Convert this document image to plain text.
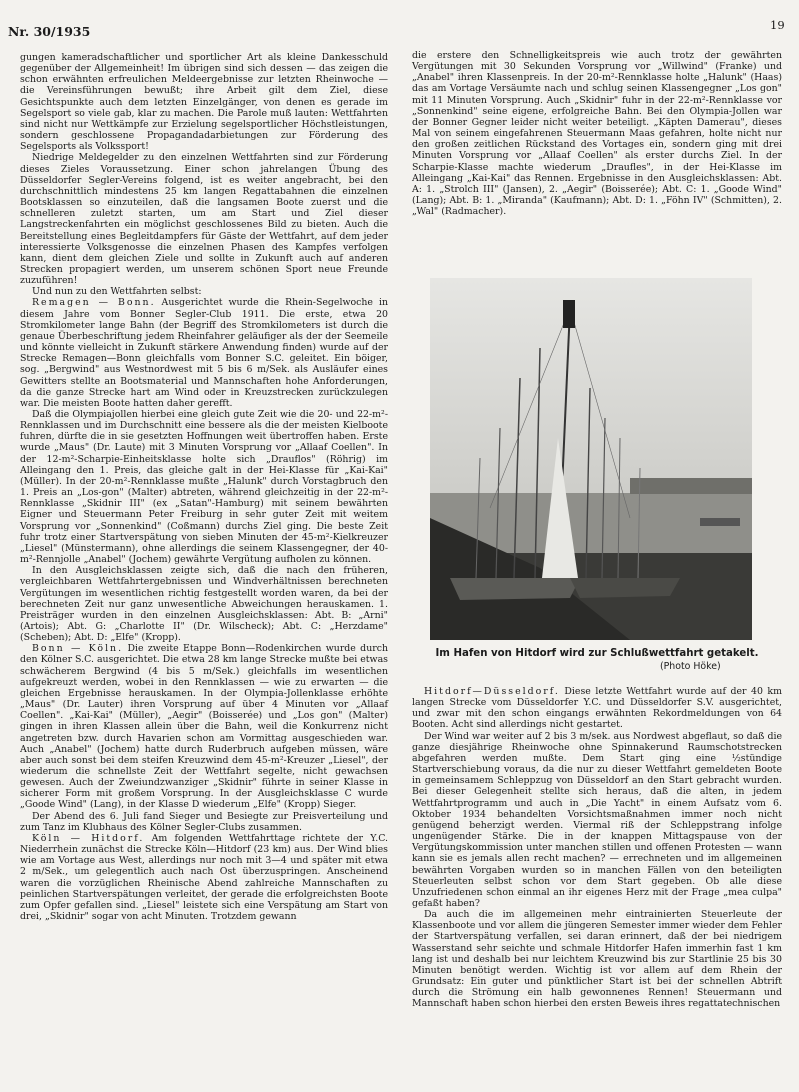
Nr. 30/1935	19

gungen kameradschaftlicher und sportlicher Art als kleine Dankesschuld gegenüber der Allgemeinheit! Im übrigen sind sich dessen — das zeigen die schon erwähnten erfreulichen Meldeergebnisse zur letzten Rheinwoche — die Vereinsführungen bewußt; ihre Arbeit gilt dem Ziel, diese Gesichtspunkte auch dem letzten Einzelgänger, von denen es gerade im Segelsport so viele gab, klar zu machen. Die Parole muß lauten: Wettfahrten sind nicht nur Wettkämpfe zur Erzielung segelsportlicher Höchstleistungen, sondern geschlossene Propagandadarbietungen zur Förderung des Segelsports als Volkssport!

Niedrige Meldegelder zu den einzelnen Wettfahrten sind zur Förderung dieses Zieles Voraussetzung. Einer schon jahrelangen Übung des Düsseldorfer Segler-Vereins folgend, ist es weiter angebracht, bei den durchschnittlich mindestens 25 km langen Regattabahnen die einzelnen Bootsklassen so einzuteilen, daß die langsamen Boote zuerst und die schnelleren zuletzt starten, um am Start und Ziel dieser Langstreckenfahrten ein möglichst geschlossenes Bild zu bieten. Auch die Bereitstellung eines Begleitdampfers für Gäste der Wettfahrt, auf dem jeder interessierte Volksgenosse die einzelnen Phasen des Kampfes verfolgen kann, dient dem gleichen Ziele und sollte in Zukunft auch auf anderen Strecken propagiert werden, um unserem schönen Sport neue Freunde zuzuführen!

Und nun zu den Wettfahrten selbst:

Remagen — Bonn. Ausgerichtet wurde die Rhein-Segelwoche in diesem Jahre vom Bonner Segler-Club 1911. Die erste, etwa 20 Stromkilometer lange Bahn (der Begriff des Stromkilometers ist durch die genaue Überbeschriftung jedem Rheinfahrer geläufiger als der der Seemeile und könnte vielleicht in Zukunft stärkere Anwendung finden) wurde auf der Strecke Remagen—Bonn gleichfalls vom Bonner S.C. geleitet. Ein böiger, sog. „Bergwind" aus Westnordwest mit 5 bis 6 m/Sek. als Ausläufer eines Gewitters stellte an Bootsmaterial und Mannschaften hohe Anforderungen, da die ganze Strecke hart am Wind oder in Kreuzstrecken zurückzulegen war. Die meisten Boote hatten daher gerefft.

Daß die Olympiajollen hierbei eine gleich gute Zeit wie die 20- und 22-m²-Rennklassen und im Durchschnitt eine bessere als die der meisten Kielboote fuhren, dürfte die in sie gesetzten Hoffnungen weit übertroffen haben. Erste wurde „Maus" (Dr. Laute) mit 3 Minuten Vorsprung vor „Allaaf Coellen". In der 12-m²-Scharpie-Einheitsklasse holte sich „Drauflos" (Röhrig) im Alleingang den 1. Preis, das gleiche galt in der Hei-Klasse für „Kai-Kai" (Müller). In der 20-m²-Rennklasse mußte „Halunk" durch Vorstagbruch den 1. Preis an „Los-gon" (Malter) abtreten, während gleichzeitig in der 22-m²-Rennklasse „Skidnir III" (ex „Satan"-Hamburg) mit seinem bewährten Eigner und Steuermann Peter Freiburg in sehr guter Zeit mit weitem Vorsprung vor „Sonnenkind" (Coßmann) durchs Ziel ging. Die beste Zeit fuhr trotz einer Startverspätung von sieben Minuten der 45-m²-Kielkreuzer „Liesel" (Münstermann), ohne allerdings die seinem Klassengegner, der 40-m²-Rennjolle „Anabel" (Jochem) gewährte Vergütung aufholen zu können.

In den Ausgleichsklassen zeigte sich, daß die nach den früheren, vergleichbaren Wettfahrtergebnissen und Windverhältnissen berechneten Vergütungen im wesentlichen richtig festgestellt worden waren, da bei der berechneten Zeit nur ganz unwesentliche Abweichungen herauskamen. 1. Preisträger wurden in den einzelnen Ausgleichsklassen: Abt. B: „Arni" (Artois); Abt. G: „Charlotte II" (Dr. Wilscheck); Abt. C: „Herzdame" (Scheben); Abt. D: „Elfe" (Kropp).

Bonn — Köln. Die zweite Etappe Bonn—Rodenkirchen wurde durch den Kölner S.C. ausgerichtet. Die etwa 28 km lange Strecke mußte bei etwas schwächerem Bergwind (4 bis 5 m/Sek.) gleichfalls im wesentlichen aufgekreuzt werden, wobei in den Rennklassen — wie zu erwarten — die gleichen Ergebnisse herauskamen. In der Olympia-Jollenklasse erhöhte „Maus" (Dr. Lauter) ihren Vorsprung auf über 4 Minuten vor „Allaaf Coellen". „Kai-Kai" (Müller), „Aegir" (Boisserée) und „Los gon" (Malter) gingen in ihren Klassen allein über die Bahn, weil die Konkurrenz nicht angetreten bzw. durch Havarien schon am Vormittag ausgeschieden war. Auch „Anabel" (Jochem) hatte durch Ruderbruch aufgeben müssen, wäre aber auch sonst bei dem steifen Kreuzwind dem 45-m²-Kreuzer „Liesel", der wiederum die schnellste Zeit der Wettfahrt segelte, nicht gewachsen gewesen. Auch der Zweiundzwanziger „Skidnir" führte in seiner Klasse in sicherer Form mit großem Vorsprung. In der Ausgleichsklasse C wurde „Goode Wind" (Lang), in der Klasse D wiederum „Elfe" (Kropp) Sieger.

Der Abend des 6. Juli fand Sieger und Besiegte zur Preisverteilung und zum Tanz im Klubhaus des Kölner Segler-Clubs zusammen.

Köln — Hitdorf. Am folgenden Wettfahrttage richtete der Y.C. Niederrhein zunächst die Strecke Köln—Hitdorf (23 km) aus. Der Wind blies wie am Vortage aus West, allerdings nur noch mit 3—4 und später mit etwa 2 m/Sek., um gelegentlich auch nach Ost überzuspringen. Anscheinend waren die vorzüglichen Rheinische Abend zahlreiche Mannschaften zu peinlichen Startverspätungen verleitet, der gerade die erfolgreichsten Boote zum Opfer gefallen sind. „Liesel" leistete sich eine Verspätung am Start von drei, „Skidnir" sogar von acht Minuten. Trotzdem gewann

die erstere den Schnelligkeitspreis wie auch trotz der gewährten Vergütungen mit 30 Sekunden Vorsprung vor „Willwind" (Franke) und „Anabel" ihren Klassenpreis. In der 20-m²-Rennklasse holte „Halunk" (Haas) das am Vortage Versäumte nach und schlug seinen Klassengegner „Los gon" mit 11 Minuten Vorsprung. Auch „Skidnir" fuhr in der 22-m²-Rennklasse vor „Sonnenkind" seine eigene, erfolgreiche Bahn. Bei den Olympia-Jollen war der Bonner Gegner leider nicht weiter beteiligt. „Käpten Damerau", dieses Mal von seinem eingefahrenen Steuermann Maas gefahren, holte nicht nur den großen zeitlichen Rückstand des Vortages ein, sondern ging mit drei Minuten Vorsprung vor „Allaaf Coellen" als erster durchs Ziel. In der Scharpie-Klasse machte wiederum „Draufles", in der Hei-Klasse im Alleingang „Kai-Kai" das Rennen. Ergebnisse in den Ausgleichsklassen: Abt. A: 1. „Strolch III" (Jansen), 2. „Aegir" (Boisserée); Abt. C: 1. „Goode Wind" (Lang); Abt. B: 1. „Miranda" (Kaufmann); Abt. D: 1. „Föhn IV" (Schmitten), 2. „Wal" (Radmacher).

Im Hafen von Hitdorf wird zur Schlußwettfahrt getakelt.
(Photo Höke)

Hitdorf—Düsseldorf. Diese letzte Wettfahrt wurde auf der 40 km langen Strecke vom Düsseldorfer Y.C. und Düsseldorfer S.V. ausgerichtet, und zwar mit den schon eingangs erwähnten Rekordmeldungen von 64 Booten. Acht sind allerdings nicht gestartet.

Der Wind war weiter auf 2 bis 3 m/sek. aus Nordwest abgeflaut, so daß die ganze diesjährige Rheinwoche ohne Spinnakerund Raumschotstrecken abgefahren werden mußte. Dem Start ging eine ½stündige Startverschiebung voraus, da die nur zu dieser Wettfahrt gemeldeten Boote in gemeinsamem Schleppzug von Düsseldorf an den Start gebracht wurden. Bei dieser Gelegenheit stellte sich heraus, daß die alten, in jedem Wettfahrtprogramm und auch in „Die Yacht" in einem Aufsatz vom 6. Oktober 1934 behandelten Vorsichtsmaßnahmen immer noch nicht genügend beherzigt werden. Viermal riß der Schleppstrang infolge ungenügender Stärke. Die in der knappen Mittagspause von der Vergütungskommission unter manchen stillen und offenen Protesten — wann kann sie es jemals allen recht machen? — errechneten und im allgemeinen bewährten Vorgaben wurden so in manchen Fällen von den beteiligten Steuerleuten selbst schon vor dem Start gegeben. Ob alle diese Unzufriedenen schon einmal an ihr eigenes Herz mit der Frage „mea culpa" gefaßt haben?

Da auch die im allgemeinen mehr eintrainierten Steuerleute der Klassenboote und vor allem die jüngeren Semester immer wieder dem Fehler der Startverspätung verfallen, sei daran erinnert, daß der bei niedrigem Wasserstand sehr seichte und schmale Hitdorfer Hafen immerhin fast 1 km lang ist und deshalb bei nur leichtem Kreuzwind bis zur Startlinie 25 bis 30 Minuten benötigt werden. Wichtig ist vor allem auf dem Rhein der Grundsatz: Ein guter und pünktlicher Start ist bei der schnellen Abtrift durch die Strömung ein halb gewonnenes Rennen! Steuermann und Mannschaft haben schon hierbei den ersten Beweis ihres regattatechnischen
